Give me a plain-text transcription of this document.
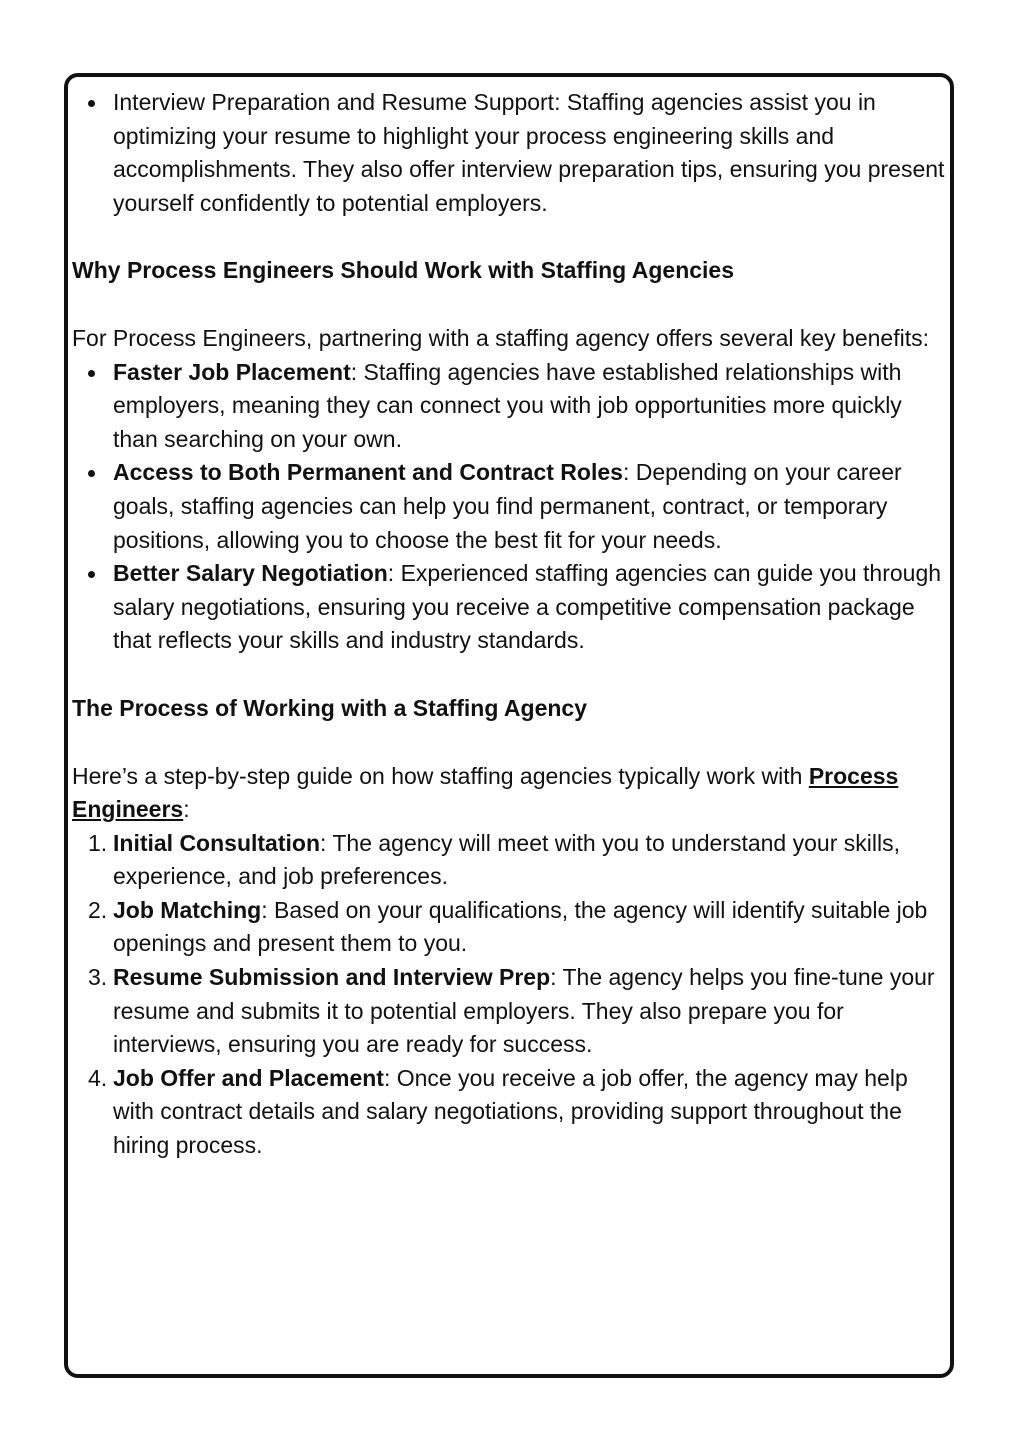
Interview Preparation and Resume Support: Staffing agencies assist you in optimizing your resume to highlight your process engineering skills and accomplishments. They also offer interview preparation tips, ensuring you present yourself confidently to potential employers.

Why Process Engineers Should Work with Staffing Agencies

For Process Engineers, partnering with a staffing agency offers several key benefits:

Faster Job Placement: Staffing agencies have established relationships with employers, meaning they can connect you with job opportunities more quickly than searching on your own.
Access to Both Permanent and Contract Roles: Depending on your career goals, staffing agencies can help you find permanent, contract, or temporary positions, allowing you to choose the best fit for your needs.
Better Salary Negotiation: Experienced staffing agencies can guide you through salary negotiations, ensuring you receive a competitive compensation package that reflects your skills and industry standards.

The Process of Working with a Staffing Agency

Here’s a step-by-step guide on how staffing agencies typically work with Process Engineers:

1. Initial Consultation: The agency will meet with you to understand your skills, experience, and job preferences.
2. Job Matching: Based on your qualifications, the agency will identify suitable job openings and present them to you.
3. Resume Submission and Interview Prep: The agency helps you fine-tune your resume and submits it to potential employers. They also prepare you for interviews, ensuring you are ready for success.
4. Job Offer and Placement: Once you receive a job offer, the agency may help with contract details and salary negotiations, providing support throughout the hiring process.
